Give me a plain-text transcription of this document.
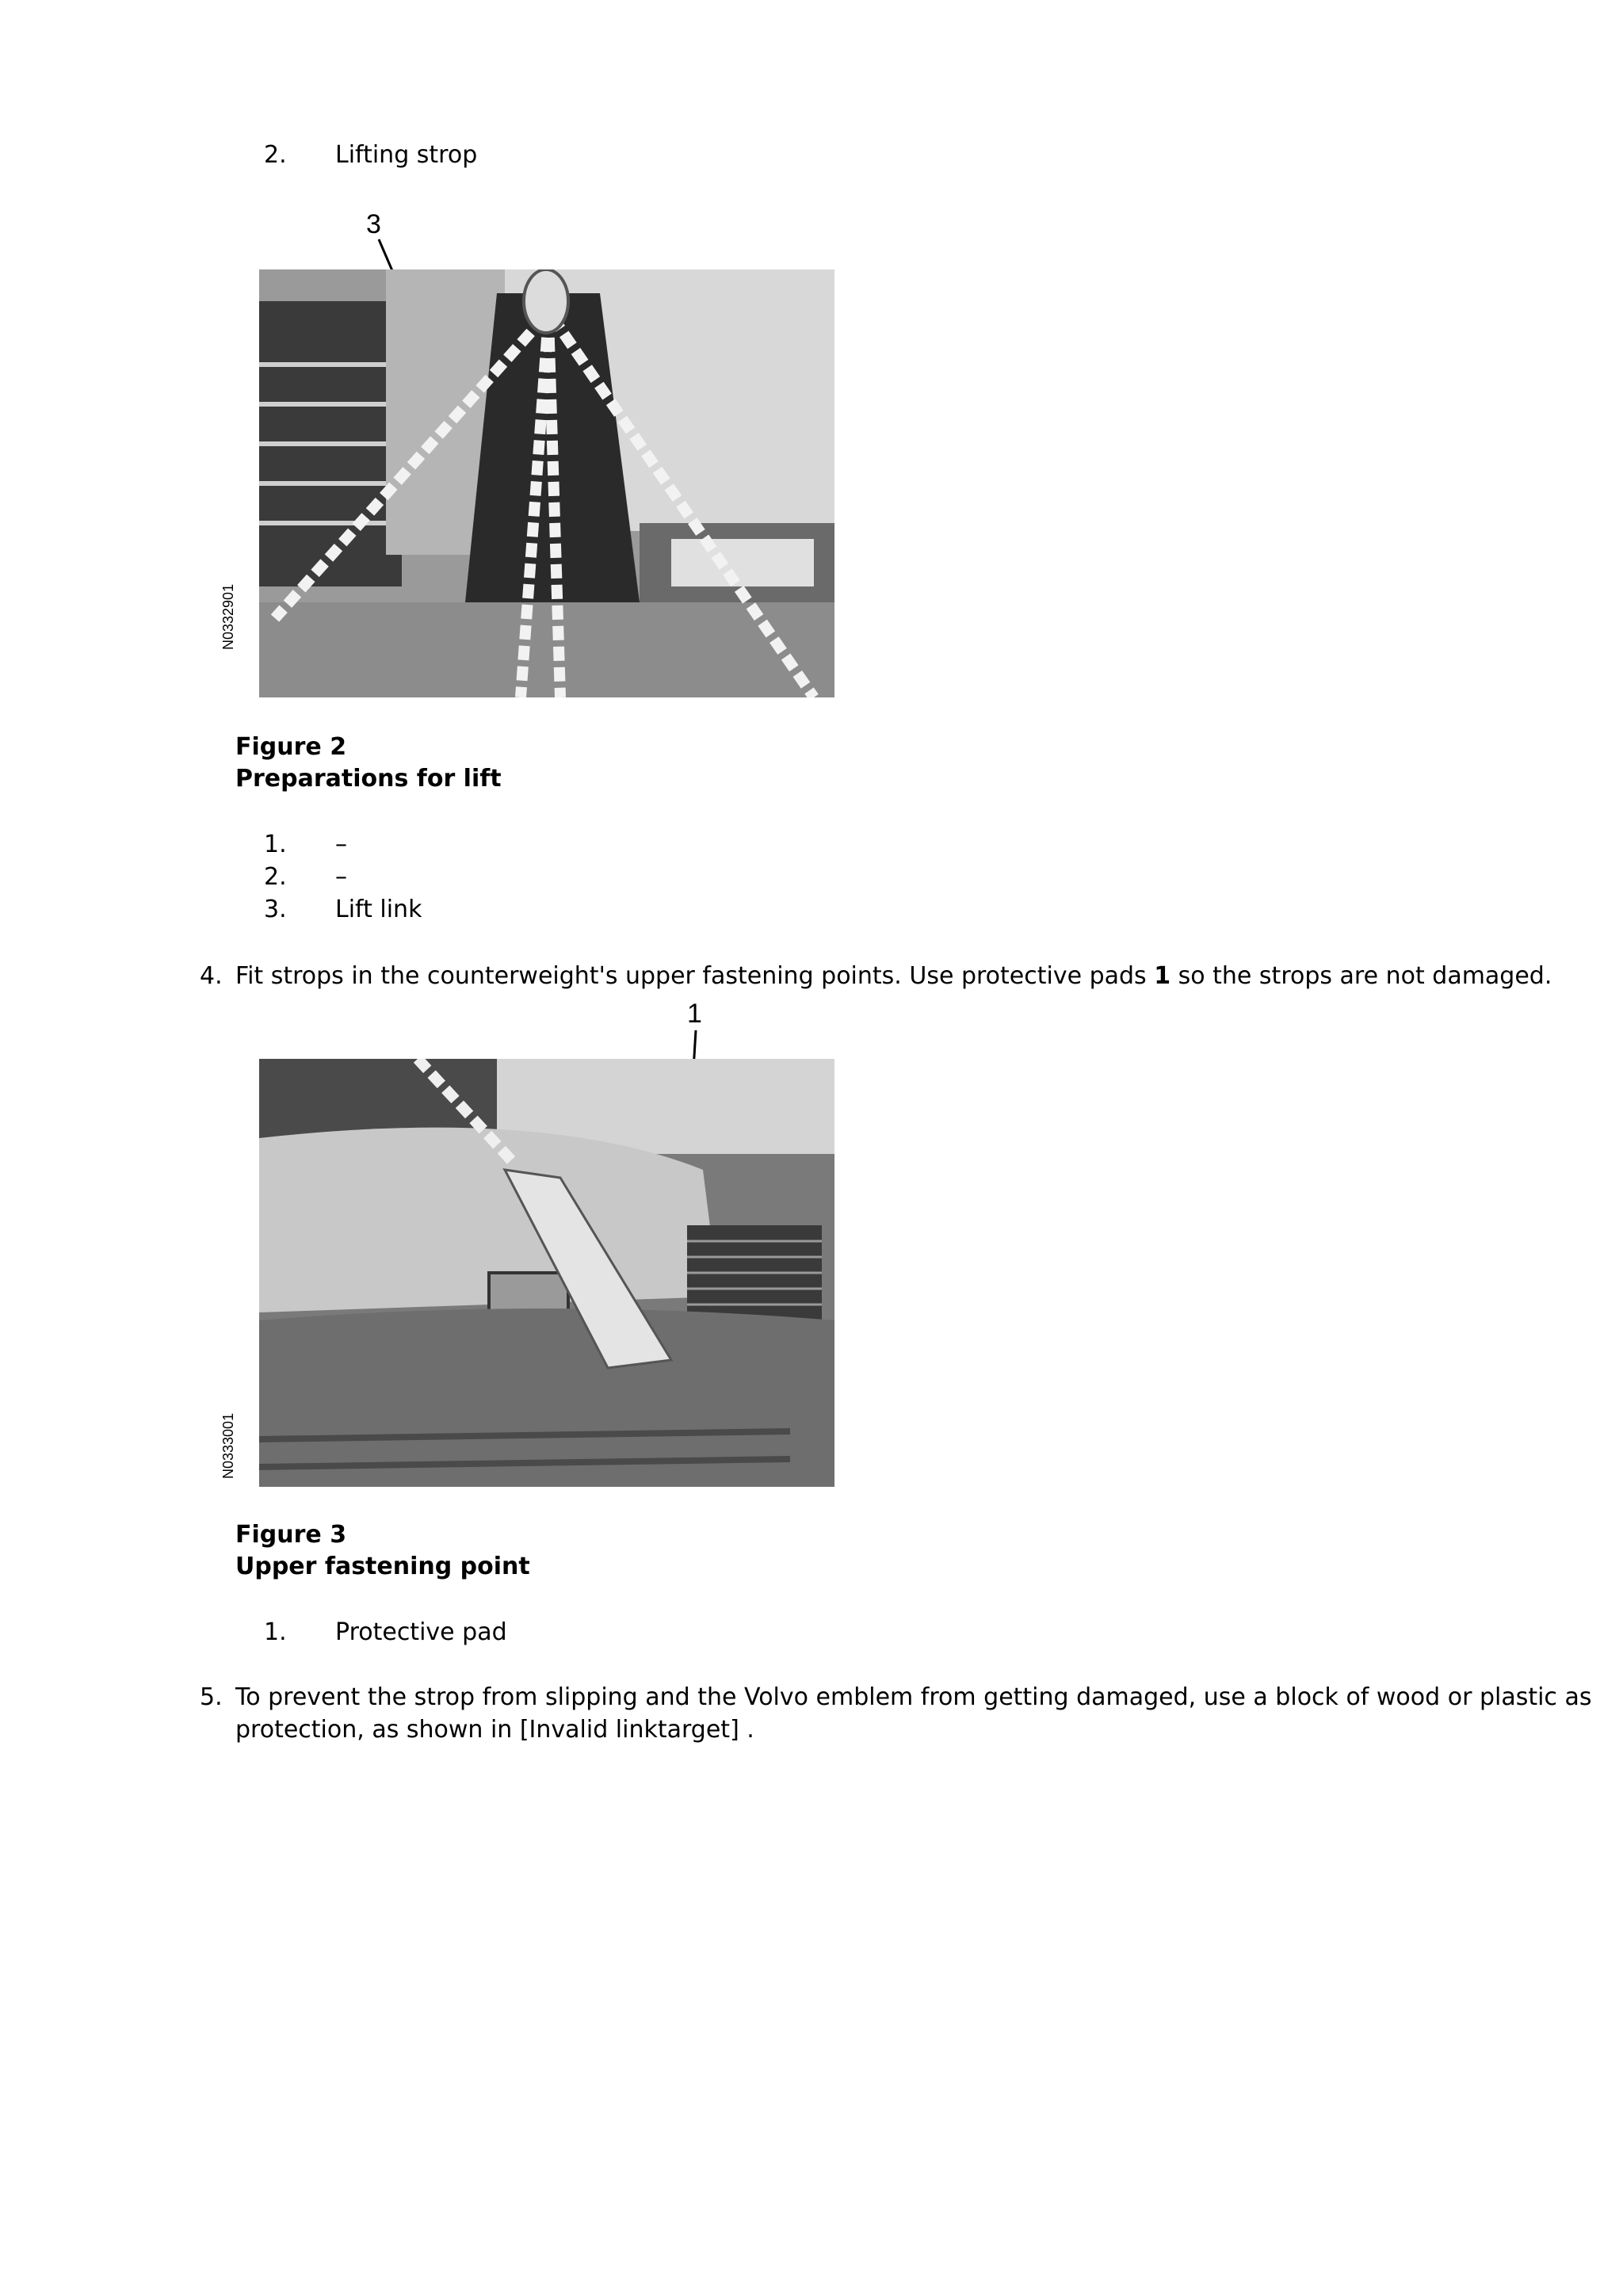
2. Lifting strop
3
N0332901
Figure 2
Preparations for lift
1. –
2. –
3. Lift link
4. Fit strops in the counterweight's upper fastening points. Use protective pads 1 so the strops are not damaged.
1
N0333001
Figure 3
Upper fastening point
1. Protective pad
5. To prevent the strop from slipping and the Volvo emblem from getting damaged, use a block of wood or plastic as
protection, as shown in [Invalid linktarget] .
